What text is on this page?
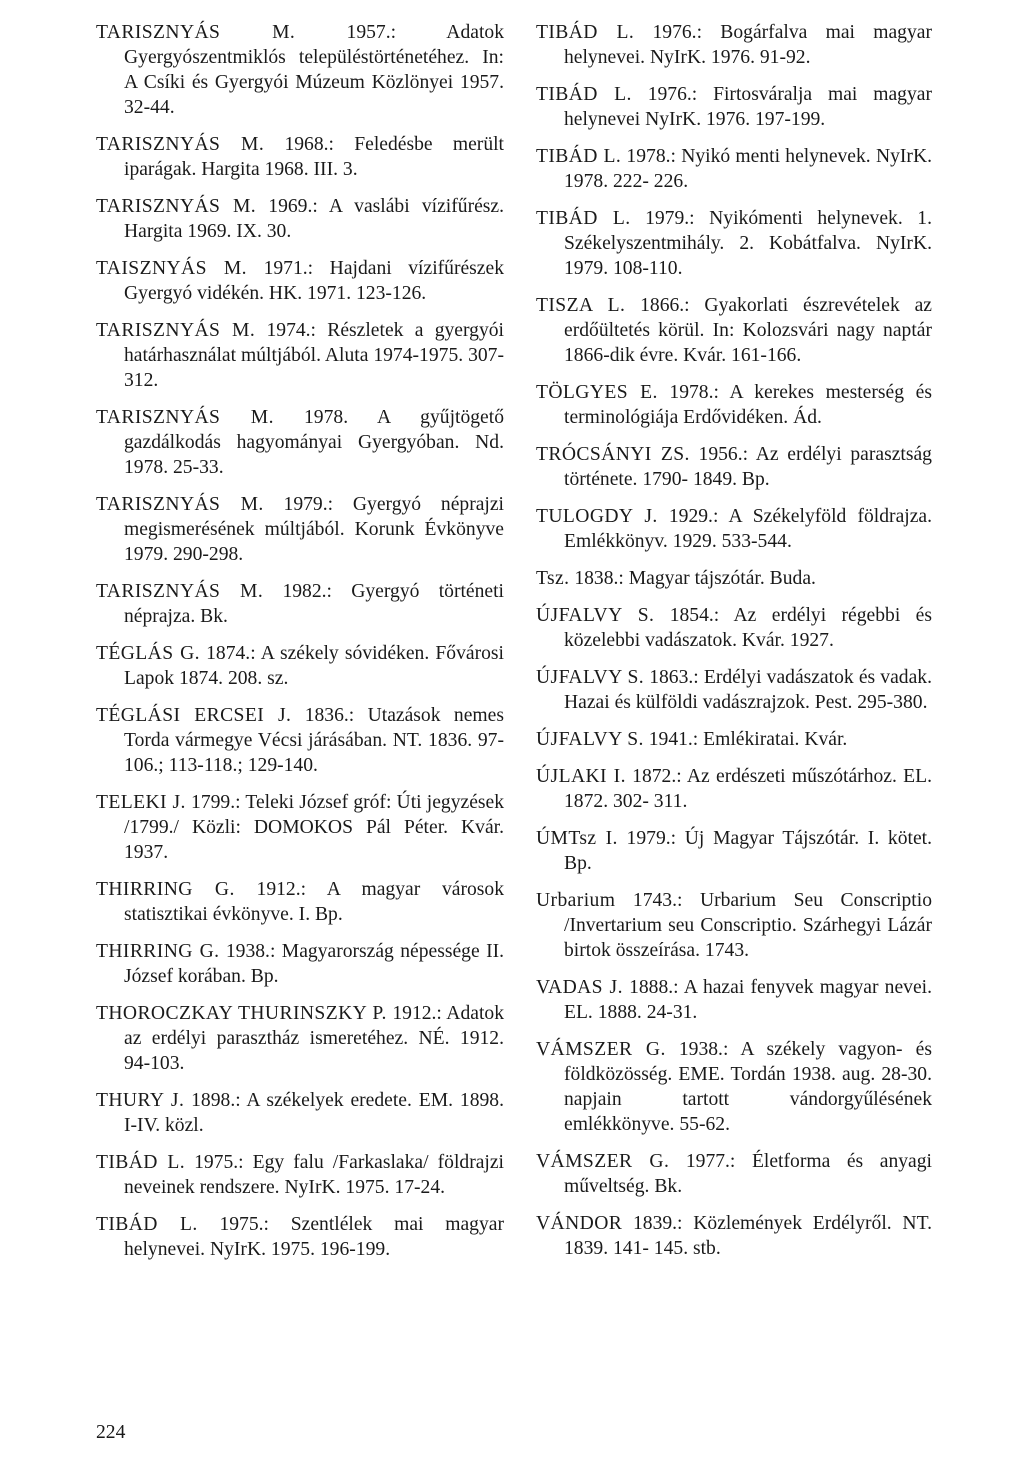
TARISZNYÁS M.	1957.: Adatok Gyergyószentmiklós településtörténetéhez. In: A Csíki és Gyergyói Múzeum Közlönyei 1957. 32-44.

TARISZNYÁS M. 1968.: Feledésbe merült iparágak. Hargita 1968. III. 3.

TARISZNYÁS M. 1969.: A vaslábi vízifűrész. Hargita 1969. IX. 30.

TAISZNYÁS M. 1971.: Hajdani vízifűrészek Gyergyó vidékén. HK. 1971. 123-126.

TARISZNYÁS M. 1974.: Részletek a gyergyói határhasználat múltjából. Aluta 1974-1975. 307-312.

TARISZNYÁS M. 1978. A gyűjtögető gazdálkodás hagyományai Gyergyóban. Nd. 1978. 25-33.

TARISZNYÁS M. 1979.: Gyergyó néprajzi megismerésének múltjából. Korunk Évkönyve 1979. 290-298.

TARISZNYÁS M. 1982.: Gyergyó történeti néprajza. Bk.

TÉGLÁS G. 1874.: A székely sóvidéken. Fővárosi Lapok 1874. 208. sz.

TÉGLÁSI ERCSEI J. 1836.: Utazások nemes Torda vármegye Vécsi járásában. NT. 1836. 97-106.; 113-118.; 129-140.

TELEKI J. 1799.: Teleki József gróf: Úti jegyzések /1799./ Közli: DOMOKOS Pál Péter. Kvár. 1937.

THIRRING G. 1912.: A magyar városok statisztikai évkönyve. I. Bp.

THIRRING G. 1938.: Magyarország népessége II. József korában. Bp.

THOROCZKAY THURINSZKY P. 1912.: Adatok az erdélyi parasztház ismeretéhez. NÉ. 1912. 94-103.

THURY J. 1898.: A székelyek eredete. EM. 1898. I-IV. közl.

TIBÁD L. 1975.: Egy falu /Farkaslaka/ földrajzi neveinek rendszere. NyIrK. 1975. 17-24.

TIBÁD L. 1975.: Szentlélek mai magyar helynevei. NyIrK. 1975. 196-199.

TIBÁD L. 1976.: Bogárfalva mai magyar helynevei. NyIrK. 1976. 91-92.

TIBÁD L. 1976.: Firtosváralja mai magyar helynevei NyIrK. 1976. 197-199.

TIBÁD L. 1978.: Nyikó menti helynevek. NyIrK. 1978. 222- 226.

TIBÁD L. 1979.: Nyikómenti helynevek. 1. Székelyszentmihály. 2. Kobátfalva. NyIrK. 1979. 108-110.

TISZA L. 1866.: Gyakorlati észrevételek az erdőültetés körül. In: Kolozsvári nagy naptár 1866-dik évre. Kvár. 161-166.

TÖLGYES E. 1978.: A kerekes mesterség és terminológiája Erdővidéken. Ád.

TRÓCSÁNYI ZS. 1956.: Az erdélyi parasztság története. 1790- 1849. Bp.

TULOGDY J. 1929.: A Székelyföld földrajza. Emlékkönyv. 1929. 533-544.

Tsz. 1838.: Magyar tájszótár. Buda.

ÚJFALVY S. 1854.: Az erdélyi régebbi és közelebbi vadászatok. Kvár. 1927.

ÚJFALVY S. 1863.: Erdélyi vadászatok és vadak. Hazai és külföldi vadászrajzok. Pest. 295-380.

ÚJFALVY S. 1941.: Emlékiratai. Kvár.

ÚJLAKI I. 1872.: Az erdészeti műszótárhoz. EL. 1872. 302- 311.

ÚMTsz I. 1979.: Új Magyar Tájszótár. I. kötet. Bp.

Urbarium 1743.: Urbarium Seu Conscriptio /Invertarium seu Conscriptio. Szárhegyi Lázár birtok összeírása. 1743.

VADAS J. 1888.: A hazai fenyvek magyar nevei. EL. 1888. 24-31.

VÁMSZER G. 1938.: A székely vagyon- és földközösség. EME. Tordán 1938. aug. 28-30. napjain tartott vándorgyűlésének emlékkönyve. 55-62.

VÁMSZER G. 1977.: Életforma és anyagi műveltség. Bk.

VÁNDOR 1839.: Közlemények Erdélyről. NT. 1839. 141- 145. stb.

224
